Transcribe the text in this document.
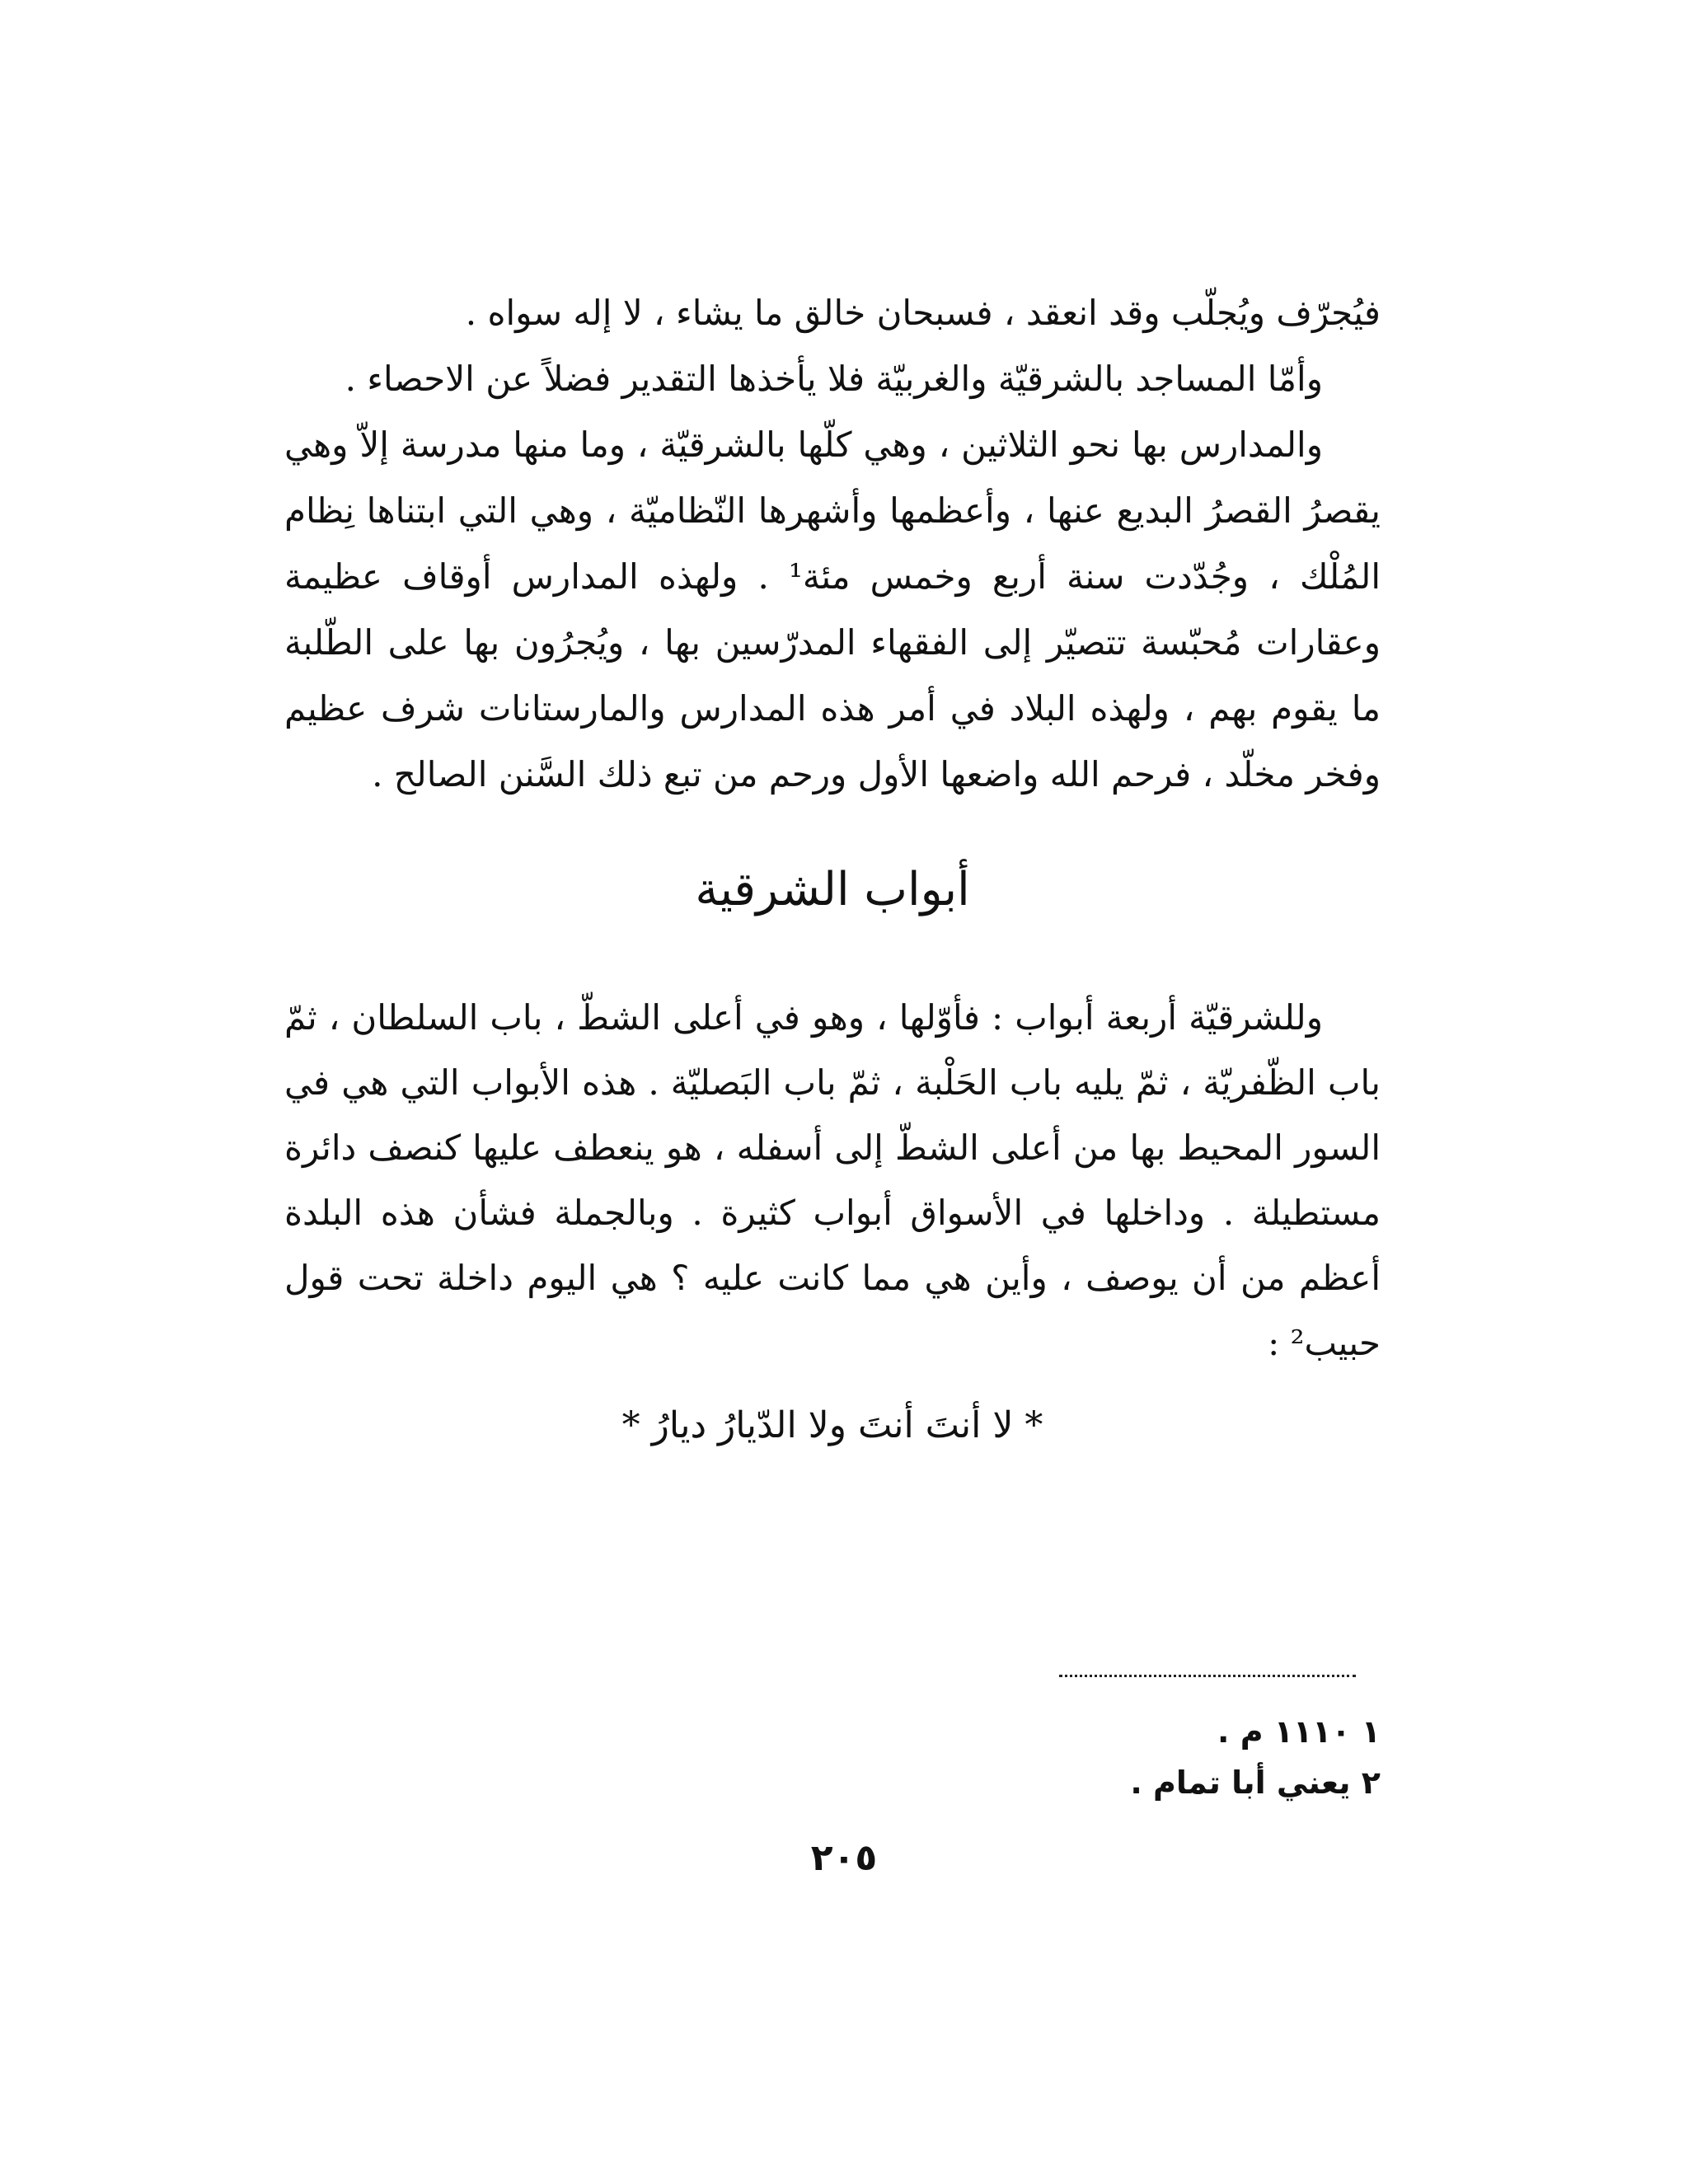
فيُجرّف ويُجلّب وقد انعقد ، فسبحان خالق ما يشاء ، لا إله سواه .

وأمّا المساجد بالشرقيّة والغربيّة فلا يأخذها التقدير فضلاً عن الاحصاء .

والمدارس بها نحو الثلاثين ، وهي كلّها بالشرقيّة ، وما منها مدرسة إلاّ وهي يقصرُ القصرُ البديع عنها ، وأعظمها وأشهرها النّظاميّة ، وهي التي ابتناها نِظام المُلْك ، وجُدّدت سنة أربع وخمس مئة¹ . ولهذه المدارس أوقاف عظيمة وعقارات مُحبّسة تتصيّر إلى الفقهاء المدرّسين بها ، ويُجرُون بها على الطّلبة ما يقوم بهم ، ولهذه البلاد في أمر هذه المدارس والمارستانات شرف عظيم وفخر مخلّد ، فرحم الله واضعها الأول ورحم من تبع ذلك السَّنن الصالح .

أبواب الشرقية

وللشرقيّة أربعة أبواب : فأوّلها ، وهو في أعلى الشطّ ، باب السلطان ، ثمّ باب الظّفريّة ، ثمّ يليه باب الحَلْبة ، ثمّ باب البَصليّة . هذه الأبواب التي هي في السور المحيط بها من أعلى الشطّ إلى أسفله ، هو ينعطف عليها كنصف دائرة مستطيلة . وداخلها في الأسواق أبواب كثيرة . وبالجملة فشأن هذه البلدة أعظم من أن يوصف ، وأين هي مما كانت عليه ؟ هي اليوم داخلة تحت قول حبيب² :

* لا أنتَ أنتَ ولا الدّيارُ ديارُ *

١ ١١١٠ م .

٢ يعني أبا تمام .

٢٠٥
